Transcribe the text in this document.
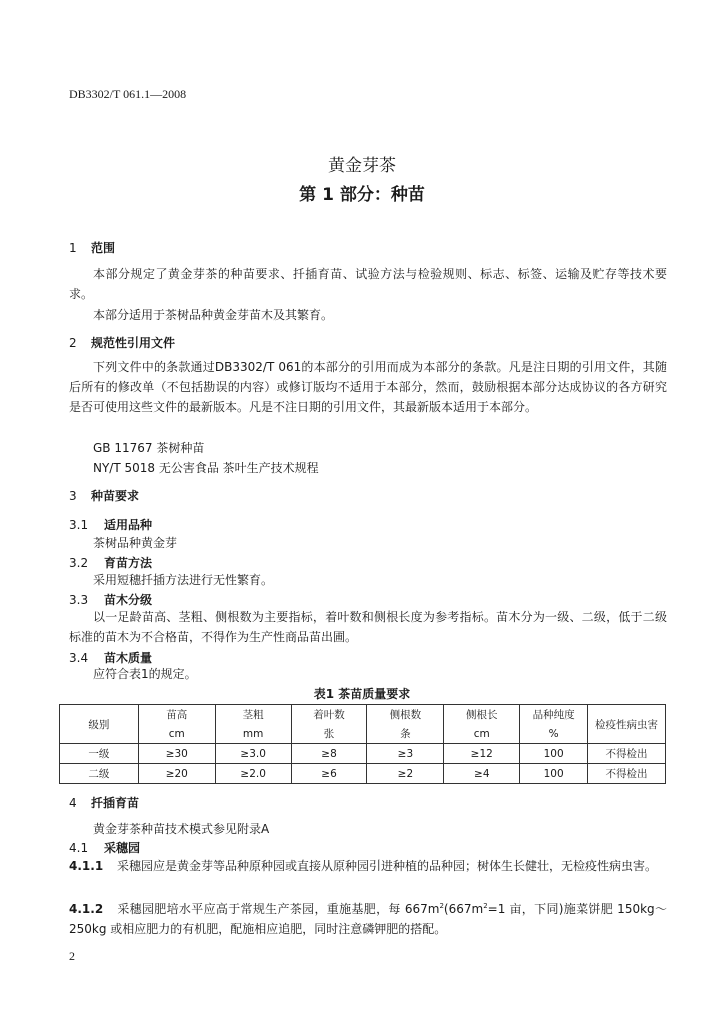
DB3302/T 061.1—2008
黄金芽茶
第 1 部分：种苗
1 范围
本部分规定了黄金芽茶的种苗要求、扦插育苗、试验方法与检验规则、标志、标签、运输及贮存等技术要求。
本部分适用于茶树品种黄金芽苗木及其繁育。
2 规范性引用文件
下列文件中的条款通过DB3302/T 061的本部分的引用而成为本部分的条款。凡是注日期的引用文件，其随后所有的修改单（不包括勘误的内容）或修订版均不适用于本部分，然而，鼓励根据本部分达成协议的各方研究是否可使用这些文件的最新版本。凡是不注日期的引用文件，其最新版本适用于本部分。
GB 11767 茶树种苗
NY/T 5018 无公害食品 茶叶生产技术规程
3 种苗要求
3.1 适用品种
茶树品种黄金芽
3.2 育苗方法
采用短穗扦插方法进行无性繁育。
3.3 苗木分级
以一足龄苗高、茎粗、侧根数为主要指标，着叶数和侧根长度为参考指标。苗木分为一级、二级，低于二级标准的苗木为不合格苗，不得作为生产性商品苗出圃。
3.4 苗木质量
应符合表1的规定。
表1 茶苗质量要求
级别	苗高	茎粗	着叶数	侧根数	侧根长	品种纯度	检疫性病虫害
	cm	mm	张	条	cm	%	
一级	≥30	≥3.0	≥8	≥3	≥12	100	不得检出
二级	≥20	≥2.0	≥6	≥2	≥4	100	不得检出
4 扦插育苗
黄金芽茶种苗技术模式参见附录A
4.1 采穗园
4.1.1 采穗园应是黄金芽等品种原种园或直接从原种园引进种植的品种园；树体生长健壮，无检疫性病虫害。
4.1.2 采穗园肥培水平应高于常规生产茶园，重施基肥，每 $667m^2(667m^2=1$ 亩，下同)施菜饼肥 150kg～250kg 或相应肥力的有机肥，配施相应追肥，同时注意磷钾肥的搭配。
2
